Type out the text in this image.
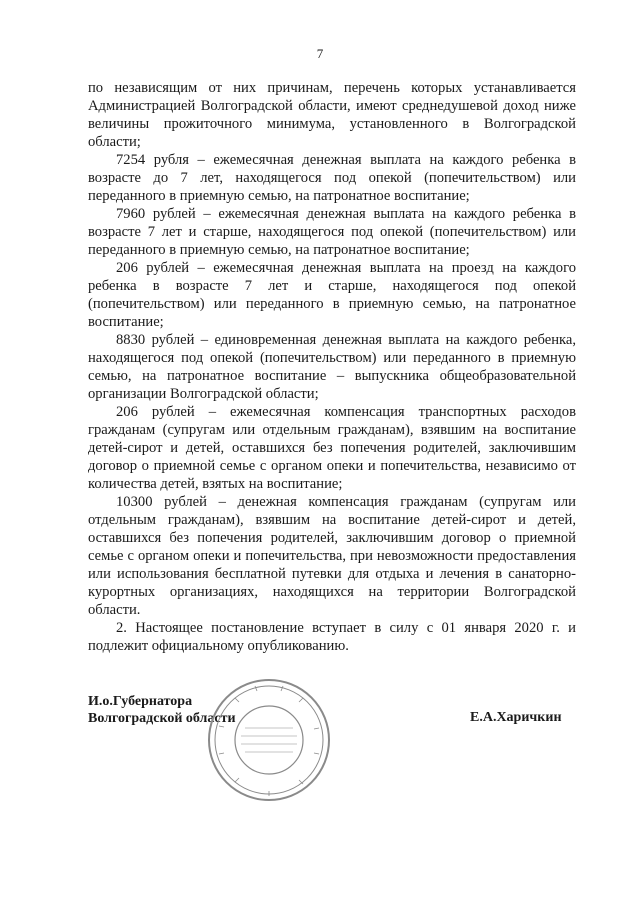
7

по независящим от них причинам, перечень которых устанавливается Администрацией Волгоградской области, имеют среднедушевой доход ниже величины прожиточного минимума, установленного в Волгоградской области;

7254 рубля – ежемесячная денежная выплата на каждого ребенка в возрасте до 7 лет, находящегося под опекой (попечительством) или переданного в приемную семью, на патронатное воспитание;

7960 рублей – ежемесячная денежная выплата на каждого ребенка в возрасте 7 лет и старше, находящегося под опекой (попечительством) или переданного в приемную семью, на патронатное воспитание;

206 рублей – ежемесячная денежная выплата на проезд на каждого ребенка в возрасте 7 лет и старше, находящегося под опекой (попечительством) или переданного в приемную семью, на патронатное воспитание;

8830 рублей – единовременная денежная выплата на каждого ребенка, находящегося под опекой (попечительством) или переданного в приемную семью, на патронатное воспитание – выпускника общеобразовательной организации Волгоградской области;

206 рублей – ежемесячная компенсация транспортных расходов гражданам (супругам или отдельным гражданам), взявшим на воспитание детей-сирот и детей, оставшихся без попечения родителей, заключившим договор о приемной семье с органом опеки и попечительства, независимо от количества детей, взятых на воспитание;

10300 рублей – денежная компенсация гражданам (супругам или отдельным гражданам), взявшим на воспитание детей-сирот и детей, оставшихся без попечения родителей, заключившим договор о приемной семье с органом опеки и попечительства, при невозможности предоставления или использования бесплатной путевки для отдыха и лечения в санаторно-курортных организациях, находящихся на территории Волгоградской области.

2. Настоящее постановление вступает в силу с 01 января 2020 г. и подлежит официальному опубликованию.

И.о.Губернатора
Волгоградской области	Е.А.Харичкин
